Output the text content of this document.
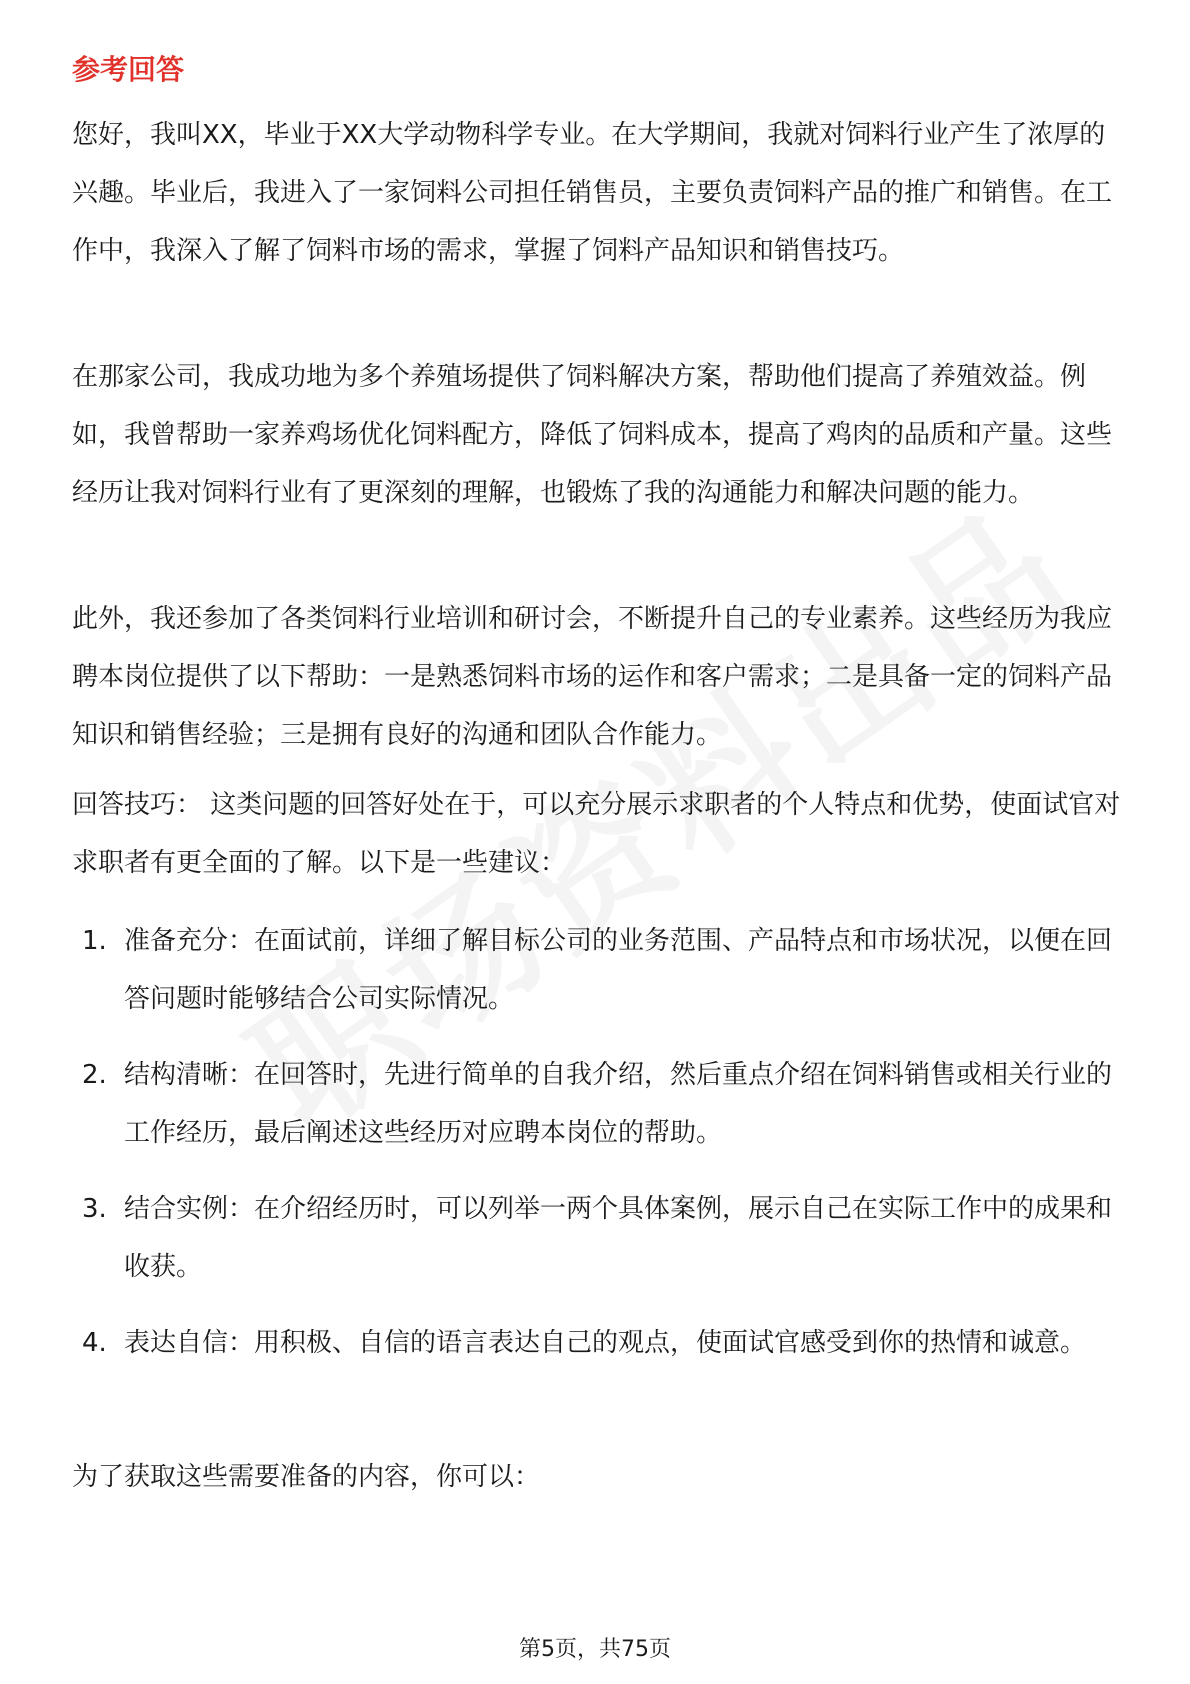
参考回答

您好，我叫XX，毕业于XX大学动物科学专业。在大学期间，我就对饲料行业产生了浓厚的兴趣。毕业后，我进入了一家饲料公司担任销售员，主要负责饲料产品的推广和销售。在工作中，我深入了解了饲料市场的需求，掌握了饲料产品知识和销售技巧。

在那家公司，我成功地为多个养殖场提供了饲料解决方案，帮助他们提高了养殖效益。例如，我曾帮助一家养鸡场优化饲料配方，降低了饲料成本，提高了鸡肉的品质和产量。这些经历让我对饲料行业有了更深刻的理解，也锻炼了我的沟通能力和解决问题的能力。

此外，我还参加了各类饲料行业培训和研讨会，不断提升自己的专业素养。这些经历为我应聘本岗位提供了以下帮助：一是熟悉饲料市场的运作和客户需求；二是具备一定的饲料产品知识和销售经验；三是拥有良好的沟通和团队合作能力。

回答技巧： 这类问题的回答好处在于，可以充分展示求职者的个人特点和优势，使面试官对求职者有更全面的了解。以下是一些建议：

1. 准备充分：在面试前，详细了解目标公司的业务范围、产品特点和市场状况，以便在回答问题时能够结合公司实际情况。
2. 结构清晰：在回答时，先进行简单的自我介绍，然后重点介绍在饲料销售或相关行业的工作经历，最后阐述这些经历对应聘本岗位的帮助。
3. 结合实例：在介绍经历时，可以列举一两个具体案例，展示自己在实际工作中的成果和收获。
4. 表达自信：用积极、自信的语言表达自己的观点，使面试官感受到你的热情和诚意。

为了获取这些需要准备的内容，你可以：

第5页，共75页
